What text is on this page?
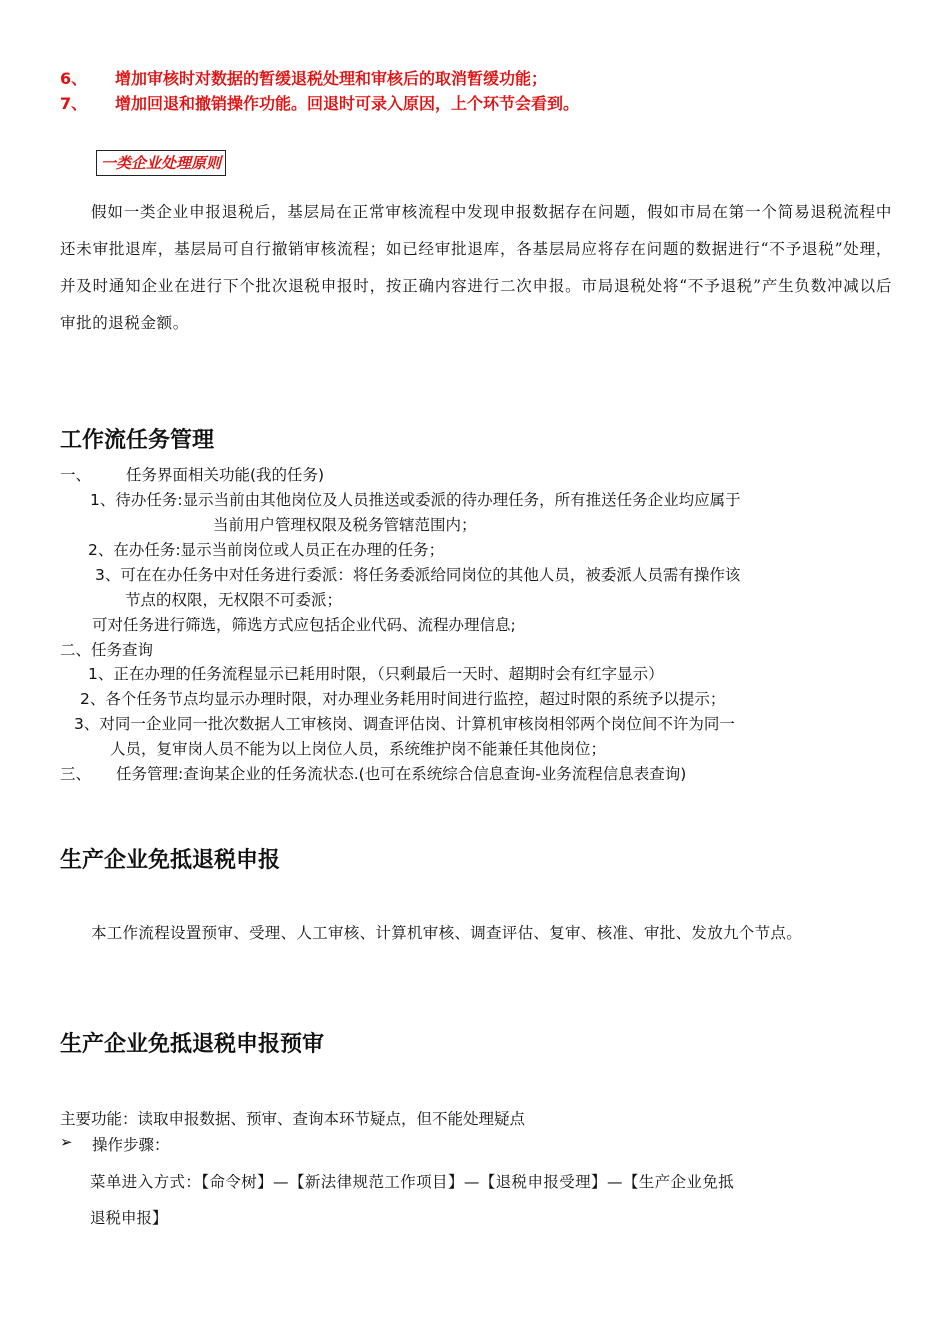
6、 增加审核时对数据的暂缓退税处理和审核后的取消暂缓功能；
7、 增加回退和撤销操作功能。回退时可录入原因，上个环节会看到。
一类企业处理原则
假如一类企业申报退税后，基层局在正常审核流程中发现申报数据存在问题，假如市局在第一个简易退税流程中还未审批退库，基层局可自行撤销审核流程；如已经审批退库，各基层局应将存在问题的数据进行“不予退税”处理，并及时通知企业在进行下个批次退税申报时，按正确内容进行二次申报。市局退税处将“不予退税”产生负数冲减以后审批的退税金额。
工作流任务管理
一、 任务界面相关功能(我的任务)
1、待办任务:显示当前由其他岗位及人员推送或委派的待办理任务，所有推送任务企业均应属于
当前用户管理权限及税务管辖范围内；
2、在办任务:显示当前岗位或人员正在办理的任务；
3、可在在办任务中对任务进行委派：将任务委派给同岗位的其他人员，被委派人员需有操作该
节点的权限，无权限不可委派；
可对任务进行筛选，筛选方式应包括企业代码、流程办理信息;
二、任务查询
1、正在办理的任务流程显示已耗用时限，（只剩最后一天时、超期时会有红字显示）
2、各个任务节点均显示办理时限，对办理业务耗用时间进行监控，超过时限的系统予以提示；
3、对同一企业同一批次数据人工审核岗、调查评估岗、计算机审核岗相邻两个岗位间不许为同一
人员，复审岗人员不能为以上岗位人员，系统维护岗不能兼任其他岗位；
三、 任务管理:查询某企业的任务流状态.(也可在系统综合信息查询-业务流程信息表查询)
生产企业免抵退税申报
本工作流程设置预审、受理、人工审核、计算机审核、调查评估、复审、核准、审批、发放九个节点。
生产企业免抵退税申报预审
主要功能：读取申报数据、预审、查询本环节疑点，但不能处理疑点
➢ 操作步骤：
菜单进入方式：【命令树】—【新法律规范工作项目】—【退税申报受理】—【生产企业免抵
退税申报】
